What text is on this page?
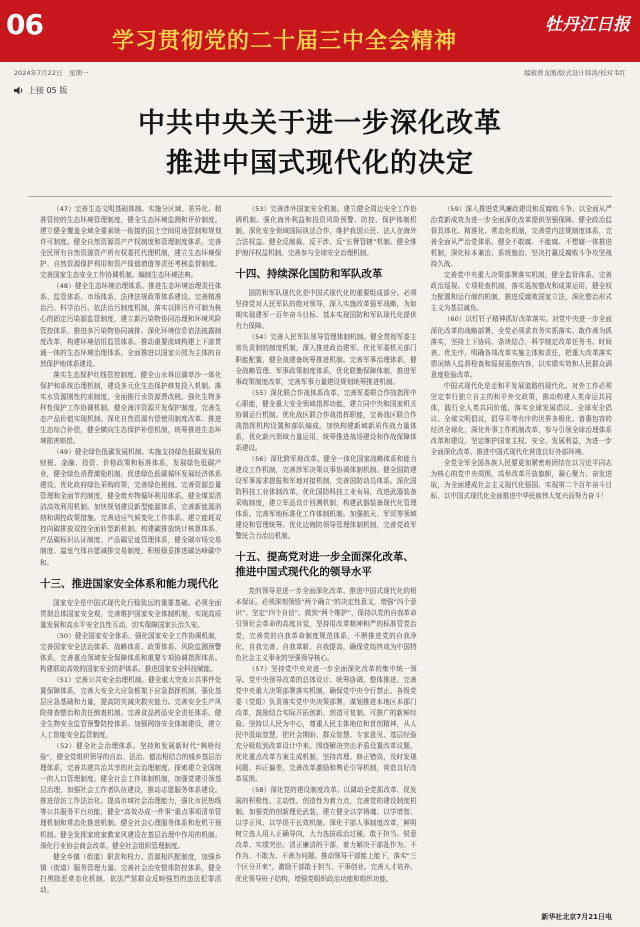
06
学习贯彻党的二十届三中全会精神
牡丹江日报
2024年7月22日　星期一	编辑曾龙刚/版式设计韩涛/校对韦红
上接 05 版
中共中央关于进一步深化改革
推进中国式现代化的决定

（47）完善生态文明基础体制。实施分区域、差异化、精准管控的生态环境管理制度，健全生态环境监测和评价制度。建立健全覆盖全域全要素统一衔接的国土空间用途管制和规划许可制度。健全自然资源资产产权制度和管理制度体系，完善全民所有自然资源资产所有权委托代理机制，建立生态环境保护、自然资源保护利用和资产保值增值等责任考核监督制度。完善国家生态安全工作协调机制。编制生态环境法典。

（48）健全生态环境治理体系。推进生态环境治理责任体系、监管体系、市场体系、法律法规政策体系建设。完善精准治污、科学治污、依法治污制度机制，落实以排污许可制为核心的固定污染源监管制度，建立新污染物协同治理和环境风险管控体系，推进多污染物协同减排。深化环境信息依法披露制度改革，构建环境信用监管体系。推动重要流域构建上下游贯通一体的生态环境治理体系。全面推进以国家公园为主体的自然保护地体系建设。

落实生态保护红线管控制度。健全山水林田湖草沙一体化保护和系统治理机制，建设多元化生态保护修复投入机制。落实水资源刚性约束制度，全面推行水资源费改税。强化生物多样性保护工作协调机制。健全海洋资源开发保护制度。完善生态产品价值实现机制。深化自然资源有偿使用制度改革。推进生态综合补偿，健全横向生态保护补偿机制，统筹推进生态环境损害赔偿。

（49）健全绿色低碳发展机制。实施支持绿色低碳发展的财税、金融、投资、价格政策和标准体系，发展绿色低碳产业，健全绿色消费激励机制，促进绿色低碳循环发展经济体系建设。优化政府绿色采购政策，完善绿色税制。完善资源总量管理和全面节约制度，健全废弃物循环利用体系。健全煤炭清洁高效利用机制。加快规划建设新型能源体系，完善新能源消纳和调控政策措施。完善适应气候变化工作体系。建立能耗双控向碳排放双控全面转型新机制。构建碳排放统计核算体系、产品碳标识认证制度、产品碳足迹管理体系，健全碳市场交易制度、温室气体自愿减排交易制度，积极稳妥推进碳达峰碳中和。

十三、推进国家安全体系和能力现代化

国家安全是中国式现代化行稳致远的重要基础。必须全面贯彻总体国家安全观，完善维护国家安全体制机制，实现高质量发展和高水平安全良性互动，切实保障国家长治久安。

（50）健全国家安全体系。强化国家安全工作协调机制，完善国家安全法治体系、战略体系、政策体系、风险监测预警体系，完善重点领域安全保障体系和重要专项协调指挥体系。构建联动高效的国家安全防护体系。推进国家安全科技赋能。

（51）完善公共安全治理机制。健全重大突发公共事件处置保障体系，完善大安全大应急框架下应急指挥机制，强化基层应急基础和力量，提高防灾减灾救灾能力。完善安全生产风险排查整治和责任倒查机制。完善食品药品安全责任体系。健全生物安全监管预警防控体系。加强网络安全体制建设，建立人工智能安全监管制度。

（52）健全社会治理体系。坚持和发展新时代“枫桥经验”，健全党组织领导的自治、法治、德治相结合的城乡基层治理体系，完善共建共治共享的社会治理制度。探索建立全国统一的人口管理制度。健全社会工作体制机制，加强党建引领基层治理，加强社会工作者队伍建设，推动志愿服务体系建设。推进信访工作法治化。提高市域社会治理能力，强化市民热线等公共服务平台功能，健全“高效办成一件事”重点事项清单管理机制和常态化推进机制。健全社会心理服务体系和危机干预机制。健全发挥家庭家教家风建设在基层治理中作用的机制。深化行业协会商会改革。健全社会组织管理制度。

健全乡镇（街道）职责和权力、资源相匹配制度，加强乡镇（街道）服务管理力量。完善社会治安整体防控体系，健全扫黑除恶常态化机制，依法严惩群众反映强烈的违法犯罪活动。

（53）完善涉外国家安全机制。建立健全周边安全工作协调机制。强化海外利益和投资风险预警、防控、保护体制机制，深化安全领域国际执法合作，维护我国公民、法人在海外合法权益。健全反制裁、反干涉、反“长臂管辖”机制。健全维护海洋权益机制。完善参与全球安全治理机制。

十四、持续深化国防和军队改革

国防和军队现代化是中国式现代化的重要组成部分。必须坚持党对人民军队的绝对领导，深入实施改革强军战略，为如期实现建军一百年奋斗目标、基本实现国防和军队现代化提供有力保障。

（54）完善人民军队领导管理体制机制。健全贯彻军委主席负责制的制度机制，深入推进政治建军。优化军委机关部门职能配置，健全战建备统筹推进机制。完善军事治理体系，健全战略管理、军事政策制度体系，优化联勤保障体制，推进军事政策制度改革，完善军事力量建设规划统筹推进机制。

（55）深化联合作战体系改革。完善军委联合作战指挥中心职能，健全重大安全领域指挥功能，建立同中央和国家机关协调运行机制。优化战区联合作战指挥职能，完善战区联合作战指挥机构设置和部队编成。加快构建新域新质作战力量体系，优化新兴领域力量运用，统筹推进战场建设和作战保障体系建设。

（56）深化跨军地改革。健全一体化国家战略体系和能力建设工作机制，完善涉军决策议事协调体制机制。健全国防建设军事需求提报和军地对接机制，完善国防动员体系。深化国防科技工业体制改革，优化国防科技工业布局，改进武器装备采购制度，建立军品设计回溯机制，构建武器装备现代化管理体系。完善军地标准化工作体制机制。加强航天、军贸等领域建设和管理统筹。优化边海防领导管理体制机制，完善党政军警民合力治边机制。

十五、提高党对进一步全面深化改革、推进中国式现代化的领导水平

党的领导是进一步全面深化改革、推进中国式现代化的根本保证。必须深刻领悟“两个确立”的决定性意义，增强“四个意识”、坚定“四个自信”、做到“两个维护”，保持以党的自我革命引领社会革命的高度自觉，坚持用改革精神和严的标准管党治党，完善党的自我革命制度规范体系，不断推进党的自我净化、自我完善、自我革新、自我提高，确保党始终成为中国特色社会主义事业的坚强领导核心。

（57）坚持党中央对进一步全面深化改革的集中统一领导。党中央领导改革的总体设计、统筹协调、整体推进。完善党中央重大决策部署落实机制，确保党中央令行禁止。各级党委（党组）负责落实党中央决策部署，谋划推进本地区本部门改革，鼓励结合实际开拓创新，创造可复制、可推广的新鲜经验。坚持以人民为中心，尊重人民主体地位和首创精神，从人民中汲取智慧，把社会期盼、群众智慧、专家意见、基层经验充分吸收到改革设计中来。围绕解决突出矛盾设置改革议题，优化重点改革方案生成机制，坚持真理、修正错误，及时发现问题、纠正偏差。完善改革激励和舆论引导机制，营造良好改革氛围。

（58）深化党的建设制度改革。以调动全党抓改革、促发展的积极性、主动性、创造性为着力点，完善党的建设制度机制。加强党的创新理论武装，建立健全以学铸魂、以学增智、以学正风、以学促干长效机制。深化干部人事制度改革，鲜明树立选人用人正确导向，大力选拔政治过硬、敢于担当、锐意改革、实绩突出、清正廉洁的干部，着力解决干部乱作为、不作为、不敢为、不善为问题。推动领导干部能上能下，落实“三个区分开来”，激励干部敢于担当、干事创业。完善人才培养、优化领导班子结构，增强党组织政治功能和组织功能。

（59）深入推进党风廉政建设和反腐败斗争。以全面从严治党新成效为进一步全面深化改革提供坚强保障。健全政治监督具体化、精准化、常态化机制，完善党内法规制度体系，完善全面从严治党体系。健全不敢腐、不能腐、不想腐一体推进机制，深化标本兼治、系统施治，坚决打赢反腐败斗争攻坚战持久战。

完善党中央重大决策部署落实机制，健全监督体系。完善政治巡视、专项检查机制，落实巡视整改和成果运用，健全权力配置和运行制约机制，推进反腐败国家立法，深化整治形式主义为基层减负。

（60）以钉钉子精神抓好改革落实。对党中央进一步全面深化改革的战略部署，全党必须求真务实抓落实、敢作善为抓落实，坚持上下协同、条块结合，科学制定改革任务书、时间表、优先序，明确各项改革实施主体和责任，把重大改革落实情况纳入监督检查和巡视巡察内容，以实绩实效和人民群众满意度检验改革。

中国式现代化是走和平发展道路的现代化。对外工作必须坚定奉行独立自主的和平外交政策，推动构建人类命运共同体，践行全人类共同价值，落实全球发展倡议、全球安全倡议、全球文明倡议，倡导平等有序的世界多极化、普惠包容的经济全球化，深化外事工作机制改革，参与引领全球治理体系改革和建设，坚定维护国家主权、安全、发展利益，为进一步全面深化改革、推进中国式现代化营造良好外部环境。

全党全军全国各族人民要更加紧密地团结在以习近平同志为核心的党中央周围，高举改革开放旗帜，凝心聚力、奋发进取，为全面建成社会主义现代化强国、实现第二个百年奋斗目标，以中国式现代化全面推进中华民族伟大复兴而努力奋斗！

新华社北京7月21日电
